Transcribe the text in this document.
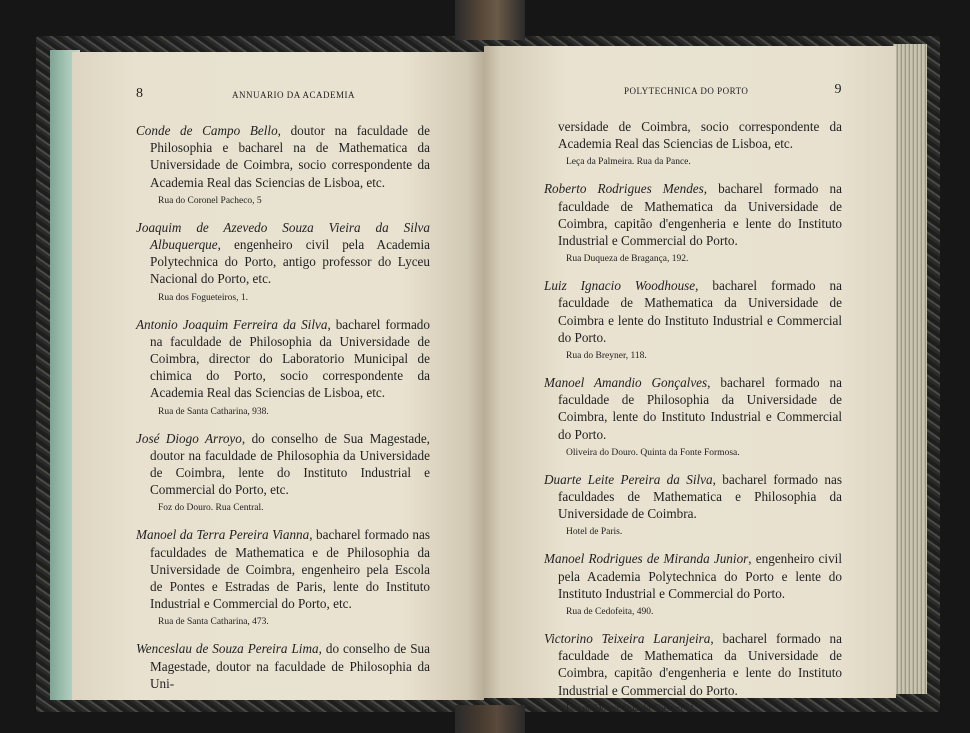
8	ANNUARIO DA ACADEMIA

Conde de Campo Bello, doutor na faculdade de Philosophia e bacharel na de Mathematica da Universidade de Coimbra, socio correspondente da Academia Real das Sciencias de Lisboa, etc.

Rua do Coronel Pacheco, 5

Joaquim de Azevedo Souza Vieira da Silva Albuquerque, engenheiro civil pela Academia Polytechnica do Porto, antigo professor do Lyceu Nacional do Porto, etc.

Rua dos Fogueteiros, 1.

Antonio Joaquim Ferreira da Silva, bacharel formado na faculdade de Philosophia da Universidade de Coimbra, director do Laboratorio Municipal de chimica do Porto, socio correspondente da Academia Real das Sciencias de Lisboa, etc.

Rua de Santa Catharina, 938.

José Diogo Arroyo, do conselho de Sua Magestade, doutor na faculdade de Philosophia da Universidade de Coimbra, lente do Instituto Industrial e Commercial do Porto, etc.

Foz do Douro. Rua Central.

Manoel da Terra Pereira Vianna, bacharel formado nas faculdades de Mathematica e de Philosophia da Universidade de Coimbra, engenheiro pela Escola de Pontes e Estradas de Paris, lente do Instituto Industrial e Commercial do Porto, etc.

Rua de Santa Catharina, 473.

Wenceslau de Souza Pereira Lima, do conselho de Sua Magestade, doutor na faculdade de Philosophia da Uni-

POLYTECHNICA DO PORTO	9

versidade de Coimbra, socio correspondente da Academia Real das Sciencias de Lisboa, etc.

Leça da Palmeira. Rua da Pance.

Roberto Rodrigues Mendes, bacharel formado na faculdade de Mathematica da Universidade de Coimbra, capitão d'engenheria e lente do Instituto Industrial e Commercial do Porto.

Rua Duqueza de Bragança, 192.

Luiz Ignacio Woodhouse, bacharel formado na faculdade de Mathematica da Universidade de Coimbra e lente do Instituto Industrial e Commercial do Porto.

Rua do Breyner, 118.

Manoel Amandio Gonçalves, bacharel formado na faculdade de Philosophia da Universidade de Coimbra, lente do Instituto Industrial e Commercial do Porto.

Oliveira do Douro. Quinta da Fonte Formosa.

Duarte Leite Pereira da Silva, bacharel formado nas faculdades de Mathematica e Philosophia da Universidade de Coimbra.

Hotel de Paris.

Manoel Rodrigues de Miranda Junior, engenheiro civil pela Academia Polytechnica do Porto e lente do Instituto Industrial e Commercial do Porto.

Rua de Cedofeita, 490.

Victorino Teixeira Laranjeira, bacharel formado na faculdade de Mathematica da Universidade de Coimbra, capitão d'engenheria e lente do Instituto Industrial e Commercial do Porto.

Foz do Douro. Rua do Theatro 61.
